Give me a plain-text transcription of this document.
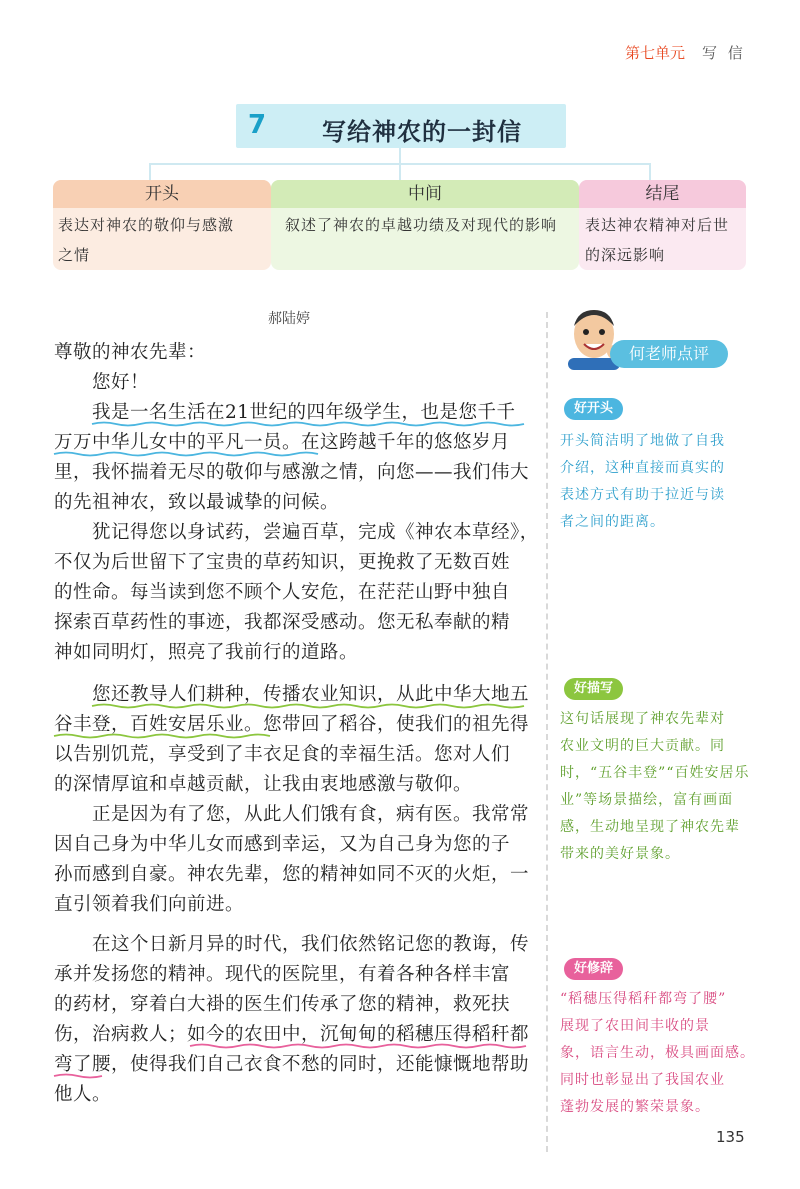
第七单元 写 信
7 写给神农的一封信
开头	中间	结尾
表达对神农的敬仰与感激
之情
叙述了神农的卓越功绩及对现代的影响 表达神农精神对后世
的深远影响
郝陆婷
尊敬的神农先辈：
您好！
我是一名生活在21世纪的四年级学生，也是您千千
万万中华儿女中的平凡一员。在这跨越千年的悠悠岁月
里，我怀揣着无尽的敬仰与感激之情，向您——我们伟大
的先祖神农，致以最诚挚的问候。
犹记得您以身试药，尝遍百草，完成《神农本草经》，
不仅为后世留下了宝贵的草药知识，更挽救了无数百姓
的性命。每当读到您不顾个人安危，在茫茫山野中独自
探索百草药性的事迹，我都深受感动。您无私奉献的精
神如同明灯，照亮了我前行的道路。
您还教导人们耕种，传播农业知识，从此中华大地五
谷丰登，百姓安居乐业。您带回了稻谷，使我们的祖先得
以告别饥荒，享受到了丰衣足食的幸福生活。您对人们
的深情厚谊和卓越贡献，让我由衷地感激与敬仰。
正是因为有了您，从此人们饿有食，病有医。我常常
因自己身为中华儿女而感到幸运，又为自己身为您的子
孙而感到自豪。神农先辈，您的精神如同不灭的火炬，一
直引领着我们向前进。
在这个日新月异的时代，我们依然铭记您的教诲，传
承并发扬您的精神。现代的医院里，有着各种各样丰富
的药材，穿着白大褂的医生们传承了您的精神，救死扶
伤，治病救人；如今的农田中，沉甸甸的稻穗压得稻秆都
弯了腰，使得我们自己衣食不愁的同时，还能慷慨地帮助
他人。
何老师点评
好开头
开头简洁明了地做了自我
介绍，这种直接而真实的
表述方式有助于拉近与读
者之间的距离。
好描写
这句话展现了神农先辈对
农业文明的巨大贡献。同
时，“五谷丰登”“百姓安居乐
业”等场景描绘，富有画面
感，生动地呈现了神农先辈
带来的美好景象。
好修辞
“稻穗压得稻秆都弯了腰”
展现了农田间丰收的景
象，语言生动，极具画面感。
同时也彰显出了我国农业
蓬勃发展的繁荣景象。
135
